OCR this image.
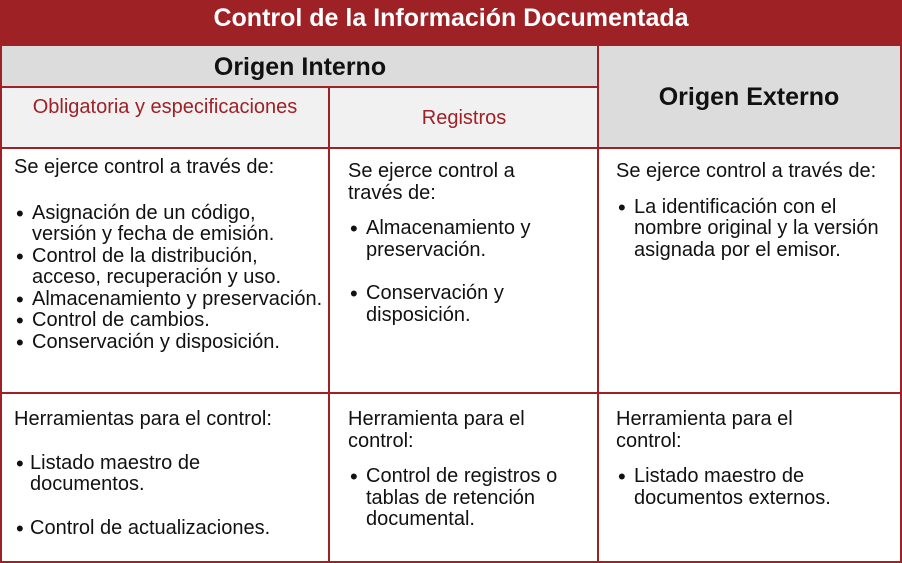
Control de la Información Documentada
Origen Interno
Origen Externo
Obligatoria y especificaciones	Registros
Se ejerce control a través de:
• Asignación de un código, versión y fecha de emisión.
• Control de la distribución, acceso, recuperación y uso.
• Almacenamiento y preservación.
• Control de cambios.
• Conservación y disposición.
Se ejerce control a través de:
• Almacenamiento y preservación.
• Conservación y disposición.
Se ejerce control a través de:
• La identificación con el nombre original y la versión asignada por el emisor.
Herramientas para el control:
• Listado maestro de documentos.
• Control de actualizaciones.
Herramienta para el control:
• Control de registros o tablas de retención documental.
Herramienta para el control:
• Listado maestro de documentos externos.
